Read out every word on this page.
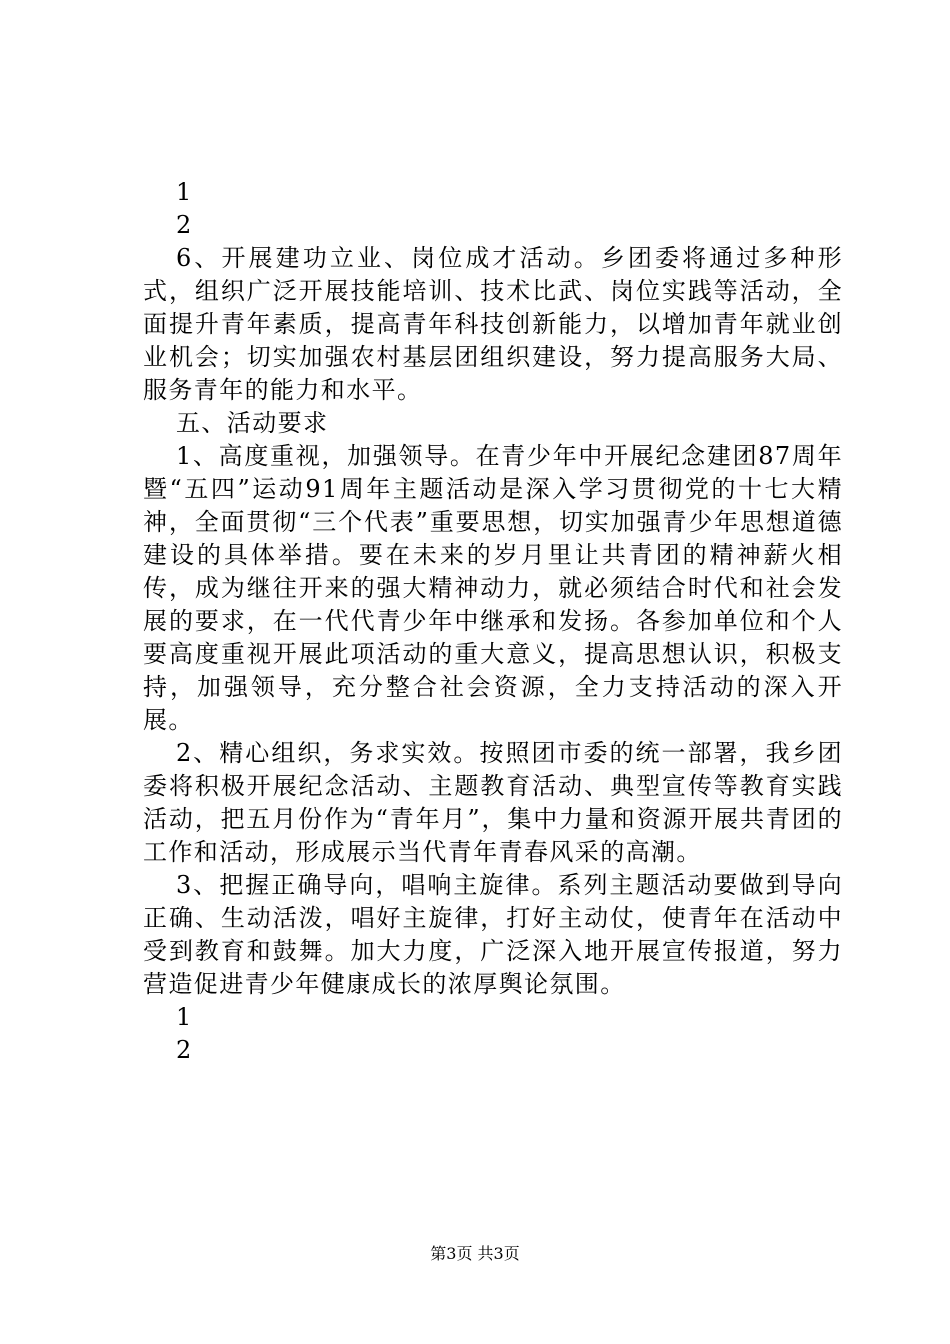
1

2

6、开展建功立业、岗位成才活动。乡团委将通过多种形式，组织广泛开展技能培训、技术比武、岗位实践等活动，全面提升青年素质，提高青年科技创新能力，以增加青年就业创业机会；切实加强农村基层团组织建设，努力提高服务大局、服务青年的能力和水平。

五、活动要求

1、高度重视，加强领导。在青少年中开展纪念建团87周年暨“五四”运动91周年主题活动是深入学习贯彻党的十七大精神，全面贯彻“三个代表”重要思想，切实加强青少年思想道德建设的具体举措。要在未来的岁月里让共青团的精神薪火相传，成为继往开来的强大精神动力，就必须结合时代和社会发展的要求，在一代代青少年中继承和发扬。各参加单位和个人要高度重视开展此项活动的重大意义，提高思想认识，积极支持，加强领导，充分整合社会资源，全力支持活动的深入开展。

2、精心组织，务求实效。按照团市委的统一部署，我乡团委将积极开展纪念活动、主题教育活动、典型宣传等教育实践活动，把五月份作为“青年月”，集中力量和资源开展共青团的工作和活动，形成展示当代青年青春风采的高潮。

3、把握正确导向，唱响主旋律。系列主题活动要做到导向正确、生动活泼，唱好主旋律，打好主动仗，使青年在活动中受到教育和鼓舞。加大力度，广泛深入地开展宣传报道，努力营造促进青少年健康成长的浓厚舆论氛围。

1

2

第3页 共3页
